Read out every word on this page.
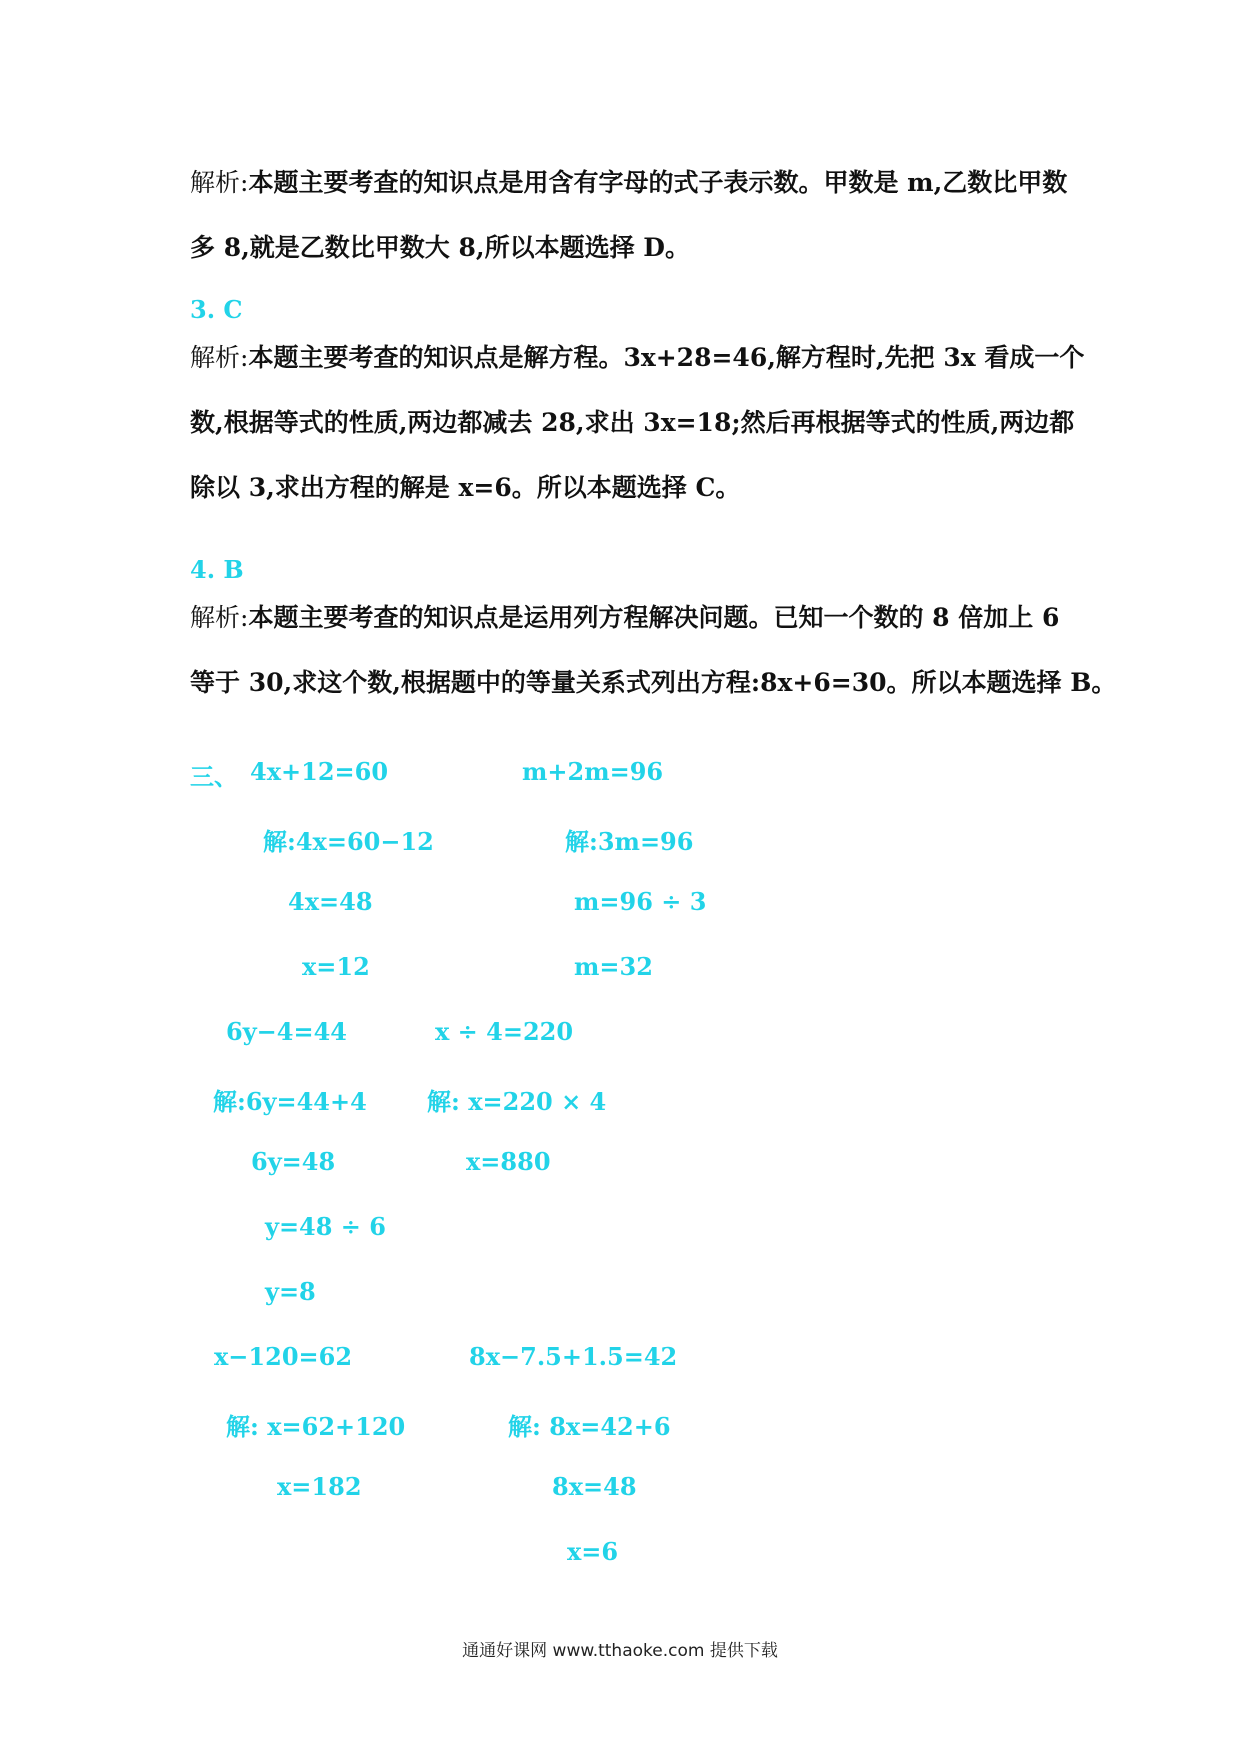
解析:本题主要考查的知识点是用含有字母的式子表示数。甲数是 m,乙数比甲数
多 8,就是乙数比甲数大 8,所以本题选择 D。
3. C
解析:本题主要考查的知识点是解方程。3x+28=46,解方程时,先把 3x 看成一个
数,根据等式的性质,两边都减去 28,求出 3x=18;然后再根据等式的性质,两边都
除以 3,求出方程的解是 x=6。所以本题选择 C。
4. B
解析:本题主要考查的知识点是运用列方程解决问题。已知一个数的 8 倍加上 6
等于 30,求这个数,根据题中的等量关系式列出方程:8x+6=30。所以本题选择 B。
三、 4x+12=60
解:4x=60−12
4x=48
x=12
m+2m=96
解:3m=96
m=96 ÷ 3
m=32
6y−4=44
解:6y=44+4
6y=48
y=48 ÷ 6
y=8
x ÷ 4=220
解: x=220 × 4
x=880
x−120=62
解: x=62+120
x=182
8x−7.5+1.5=42
解: 8x=42+6
8x=48
x=6
通通好课网 www.tthaoke.com 提供下载
